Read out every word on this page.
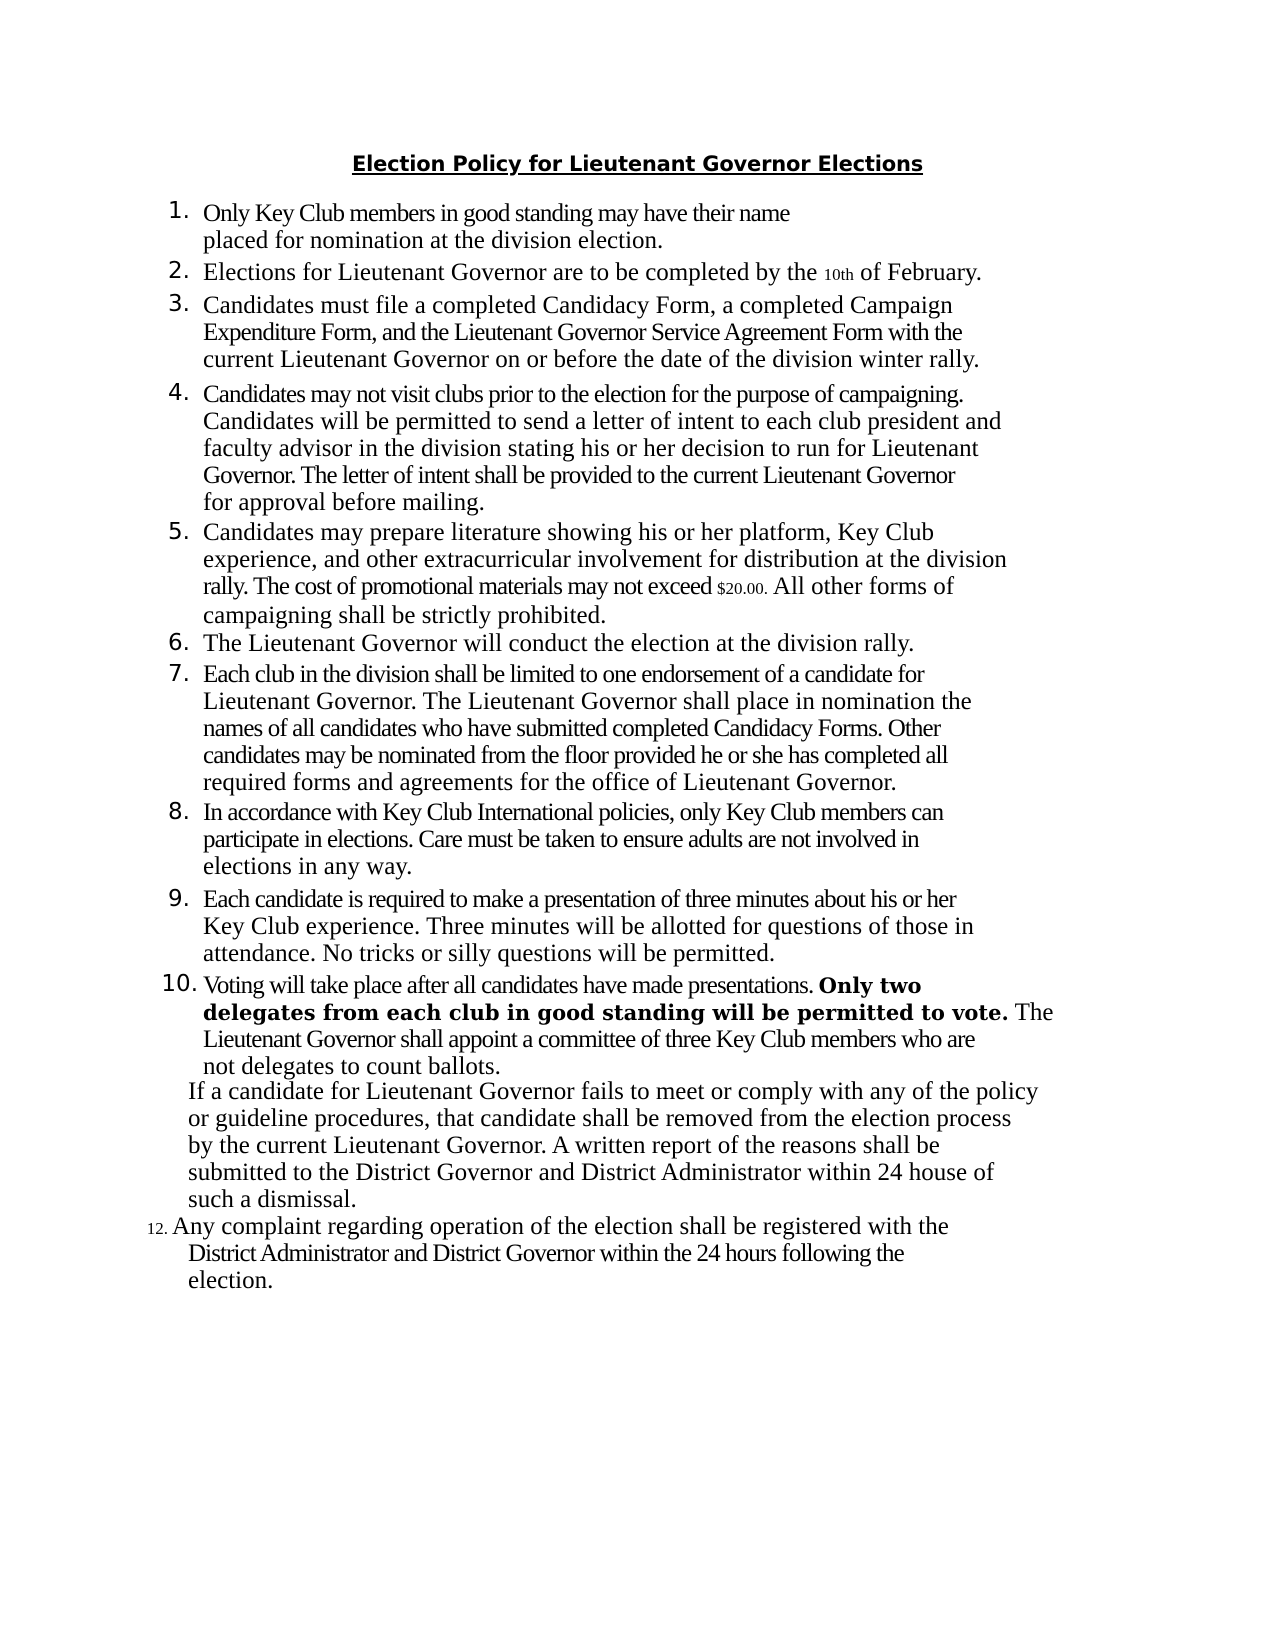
Election Policy for Lieutenant Governor Elections
1. Only Key Club members in good standing may have their name
placed for nomination at the division election.
2. Elections for Lieutenant Governor are to be completed by the 10th of February.
3. Candidates must file a completed Candidacy Form, a completed Campaign
Expenditure Form, and the Lieutenant Governor Service Agreement Form with the
current Lieutenant Governor on or before the date of the division winter rally.
4. Candidates may not visit clubs prior to the election for the purpose of campaigning.
Candidates will be permitted to send a letter of intent to each club president and
faculty advisor in the division stating his or her decision to run for Lieutenant
Governor. The letter of intent shall be provided to the current Lieutenant Governor
for approval before mailing.
5. Candidates may prepare literature showing his or her platform, Key Club
experience, and other extracurricular involvement for distribution at the division
rally. The cost of promotional materials may not exceed $20.00. All other forms of
campaigning shall be strictly prohibited.
6. The Lieutenant Governor will conduct the election at the division rally.
7. Each club in the division shall be limited to one endorsement of a candidate for
Lieutenant Governor. The Lieutenant Governor shall place in nomination the
names of all candidates who have submitted completed Candidacy Forms. Other
candidates may be nominated from the floor provided he or she has completed all
required forms and agreements for the office of Lieutenant Governor.
8. In accordance with Key Club International policies, only Key Club members can
participate in elections. Care must be taken to ensure adults are not involved in
elections in any way.
9. Each candidate is required to make a presentation of three minutes about his or her
Key Club experience. Three minutes will be allotted for questions of those in
attendance. No tricks or silly questions will be permitted.
10. Voting will take place after all candidates have made presentations. Only two
delegates from each club in good standing will be permitted to vote. The
Lieutenant Governor shall appoint a committee of three Key Club members who are
not delegates to count ballots.
If a candidate for Lieutenant Governor fails to meet or comply with any of the policy
or guideline procedures, that candidate shall be removed from the election process
by the current Lieutenant Governor. A written report of the reasons shall be
submitted to the District Governor and District Administrator within 24 house of
such a dismissal.
12. Any complaint regarding operation of the election shall be registered with the
District Administrator and District Governor within the 24 hours following the
election.
